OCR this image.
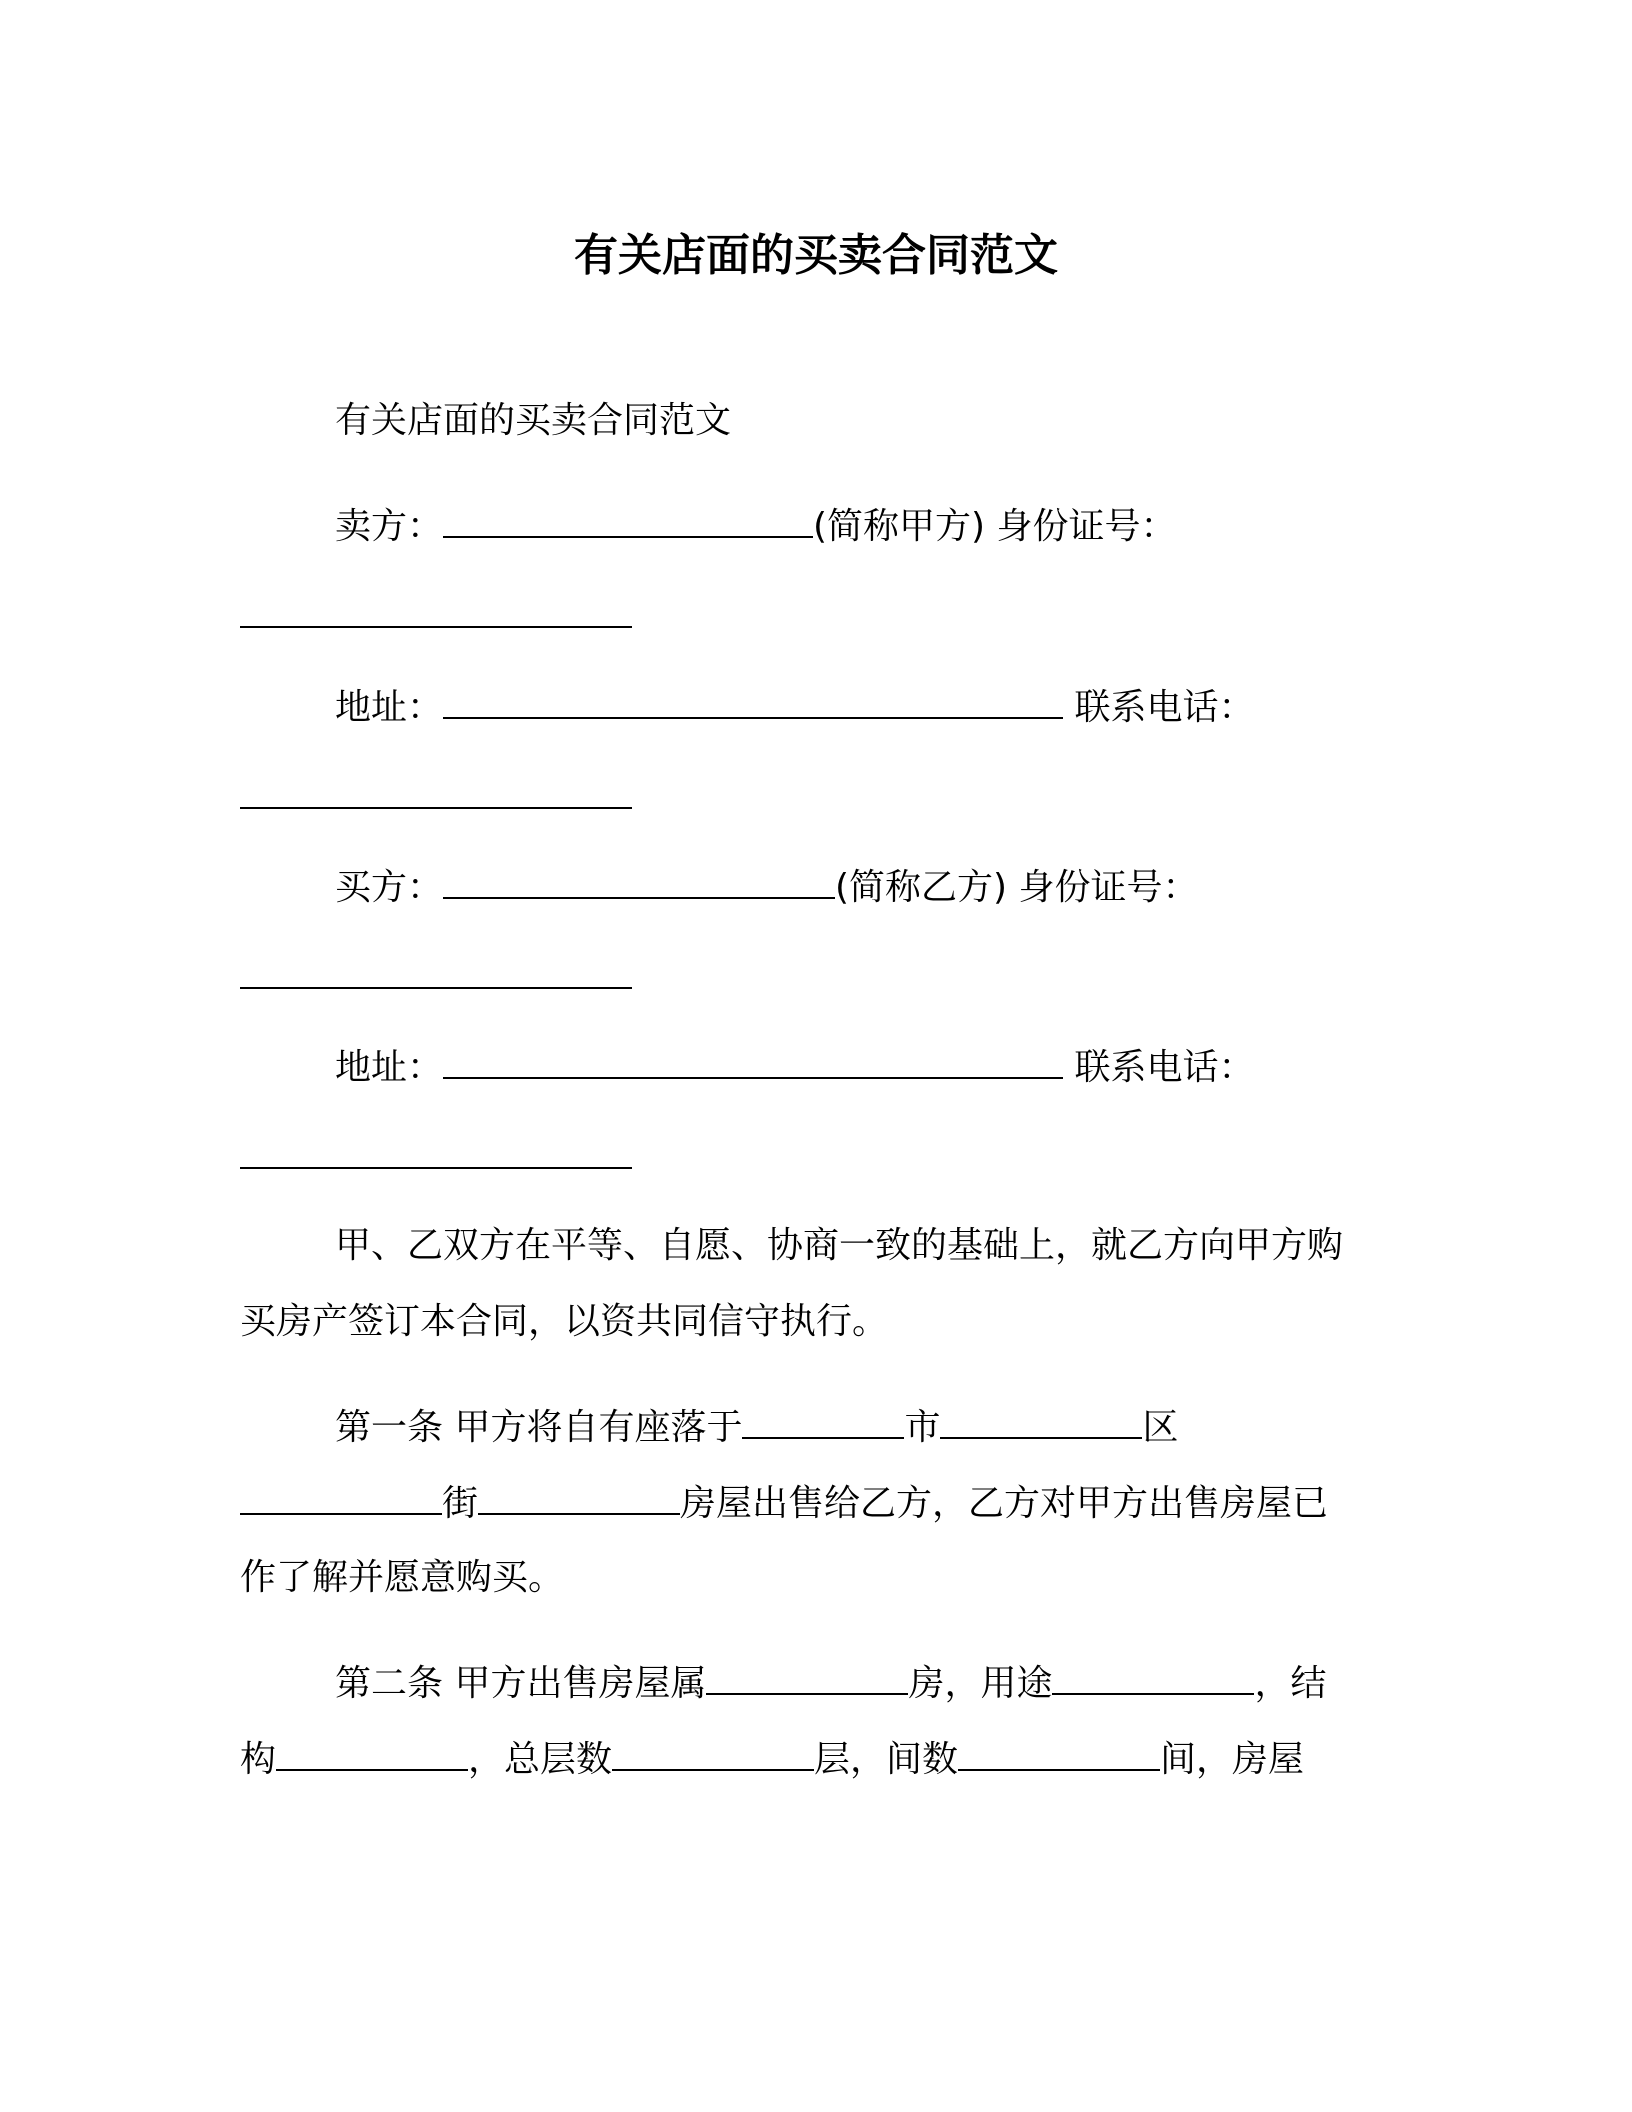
有关店面的买卖合同范文
有关店面的买卖合同范文
卖方：	(简称甲方) 身份证号：
地址：	联系电话：
买方：	(简称乙方) 身份证号：
地址：	联系电话：
甲、乙双方在平等、自愿、协商一致的基础上，就乙方向甲方购
买房产签订本合同，以资共同信守执行。
第一条 甲方将自有座落于	市	区
街	房屋出售给乙方，乙方对甲方出售房屋已
作了解并愿意购买。
第二条 甲方出售房屋属	房，用途	，结
构	，总层数	层，间数	间，房屋
